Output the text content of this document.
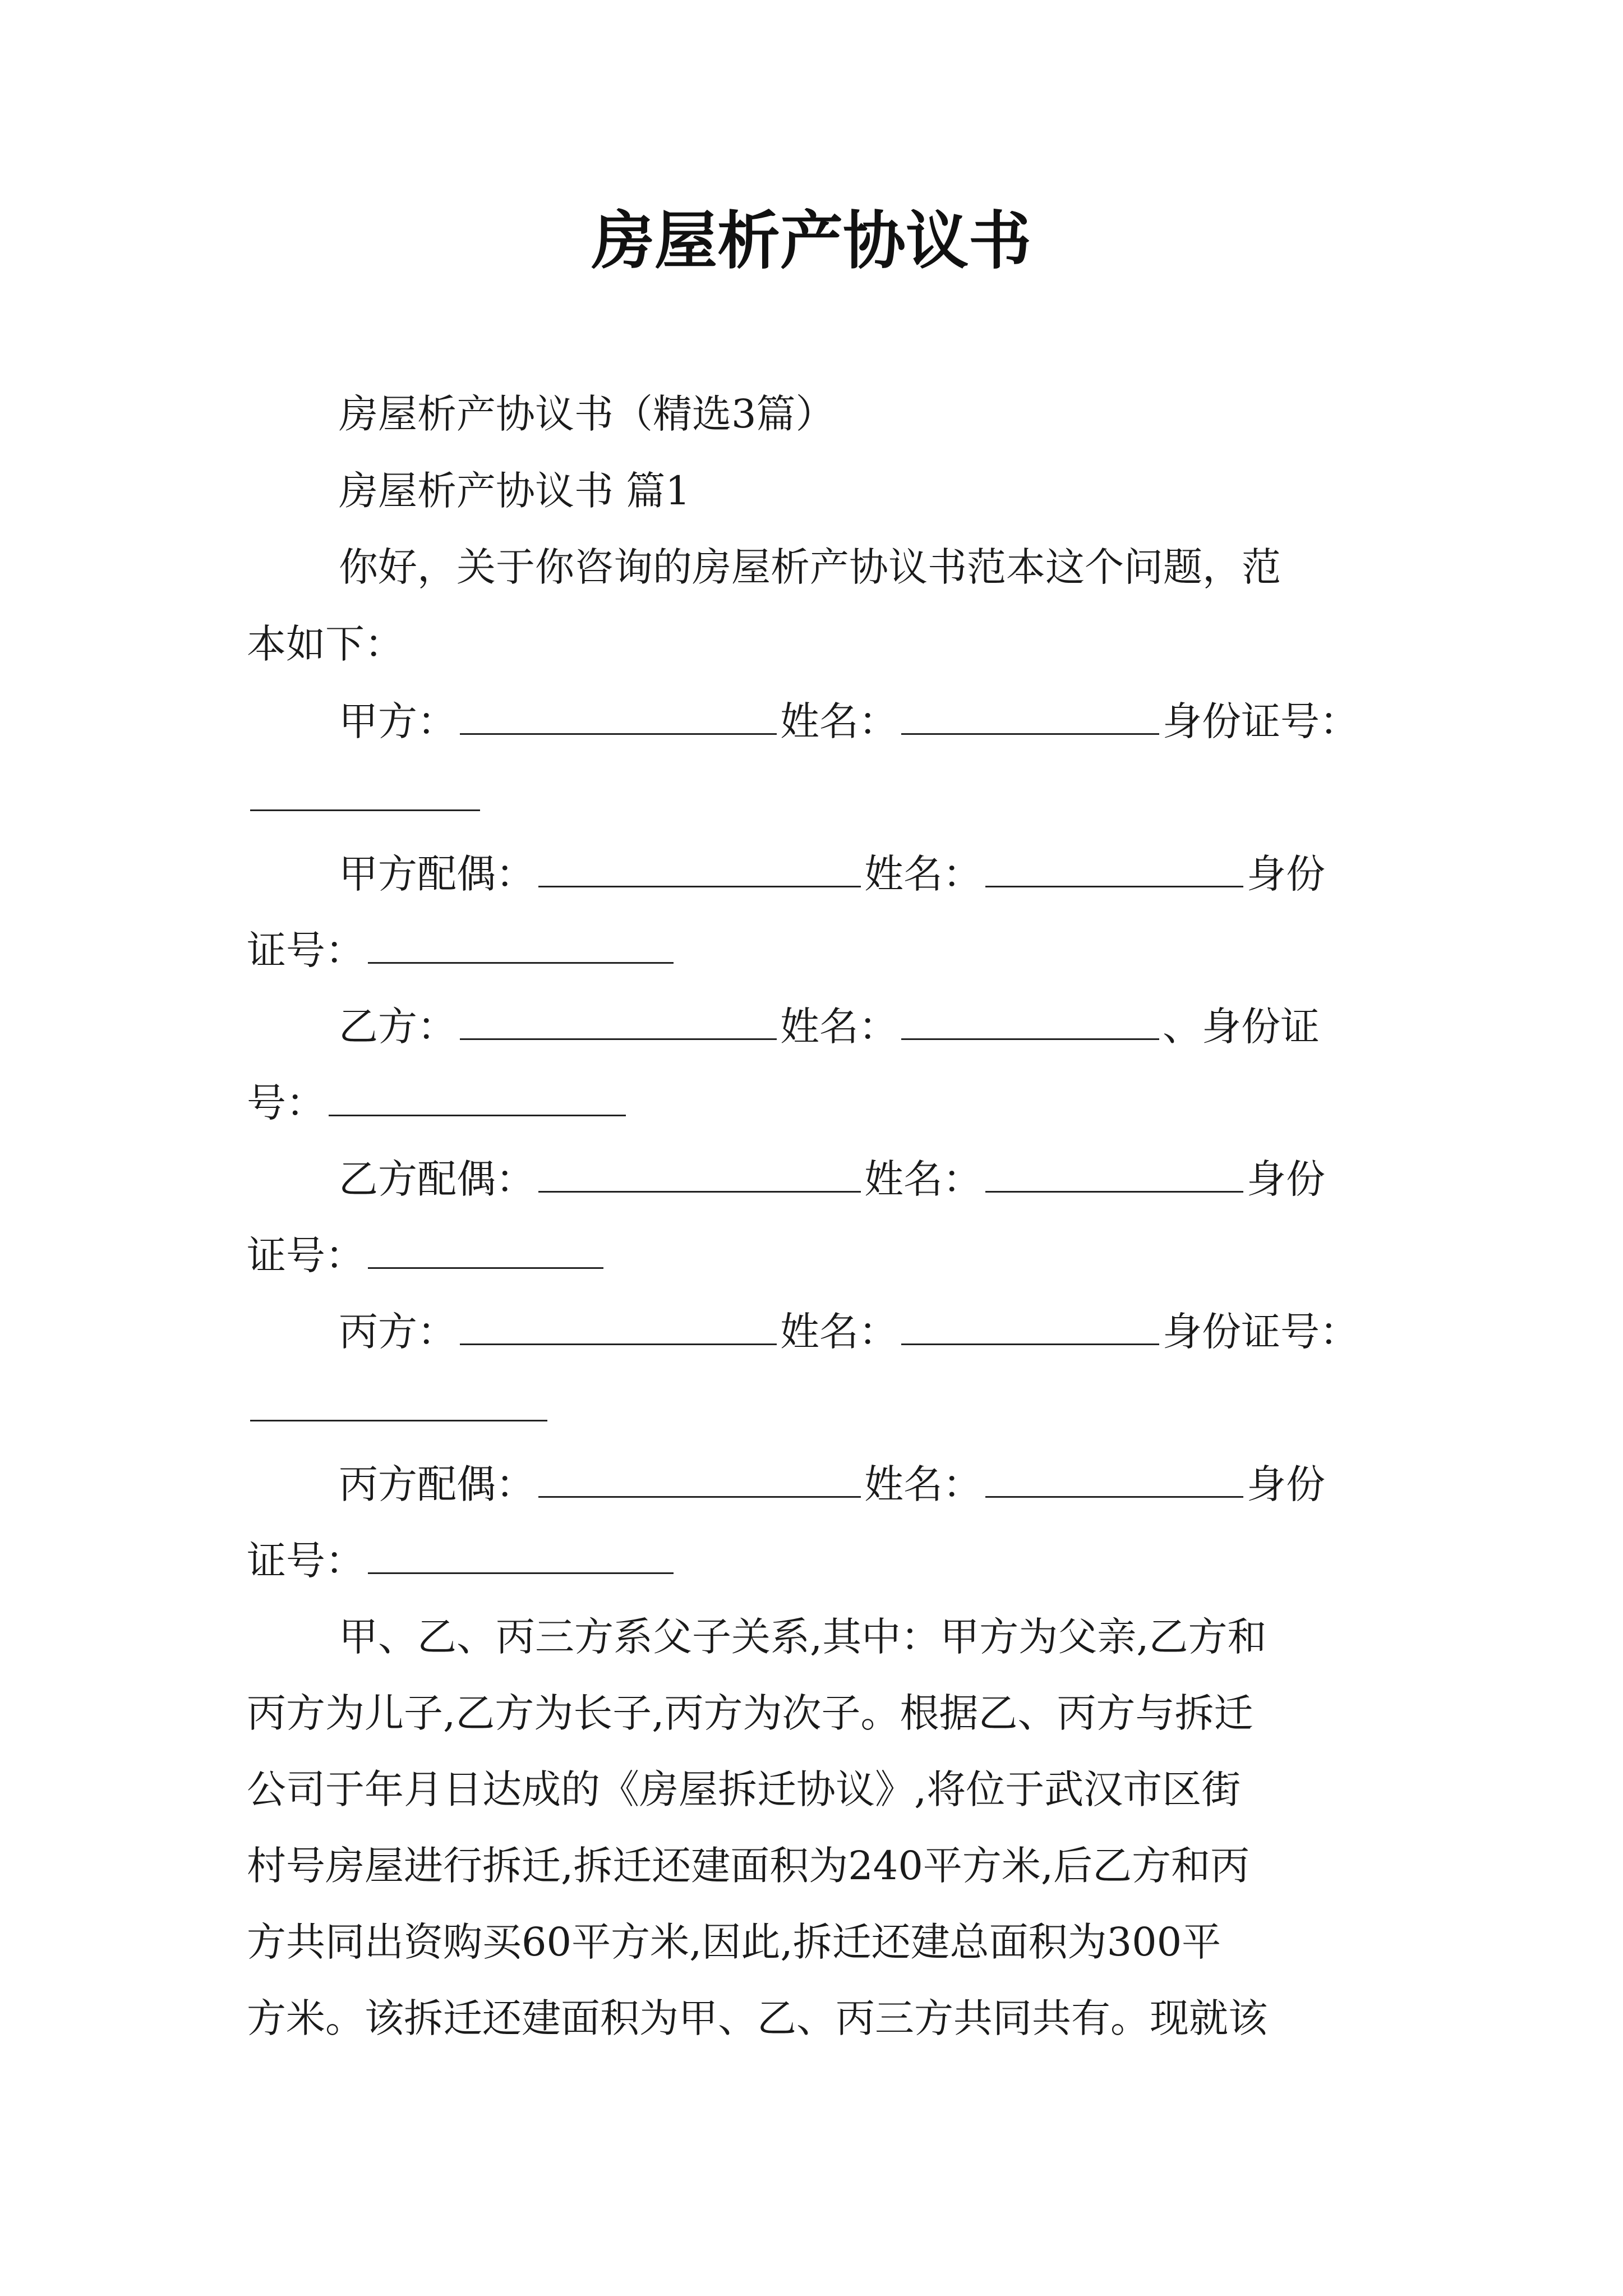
房屋析产协议书

房屋析产协议书（精选3篇）

房屋析产协议书 篇1

你好，关于你咨询的房屋析产协议书范本这个问题，范

本如下：

甲方：	姓名：	身份证号：

甲方配偶：	姓名：	身份

证号：

乙方：	姓名：	、身份证

号：

乙方配偶：	姓名：	身份

证号：

丙方：	姓名：	身份证号：

丙方配偶：	姓名：	身份

证号：

甲、乙、丙三方系父子关系,其中：甲方为父亲,乙方和

丙方为儿子,乙方为长子,丙方为次子。根据乙、丙方与拆迁

公司于年月日达成的《房屋拆迁协议》,将位于武汉市区街

村号房屋进行拆迁,拆迁还建面积为240平方米,后乙方和丙

方共同出资购买60平方米,因此,拆迁还建总面积为300平

方米。该拆迁还建面积为甲、乙、丙三方共同共有。现就该
